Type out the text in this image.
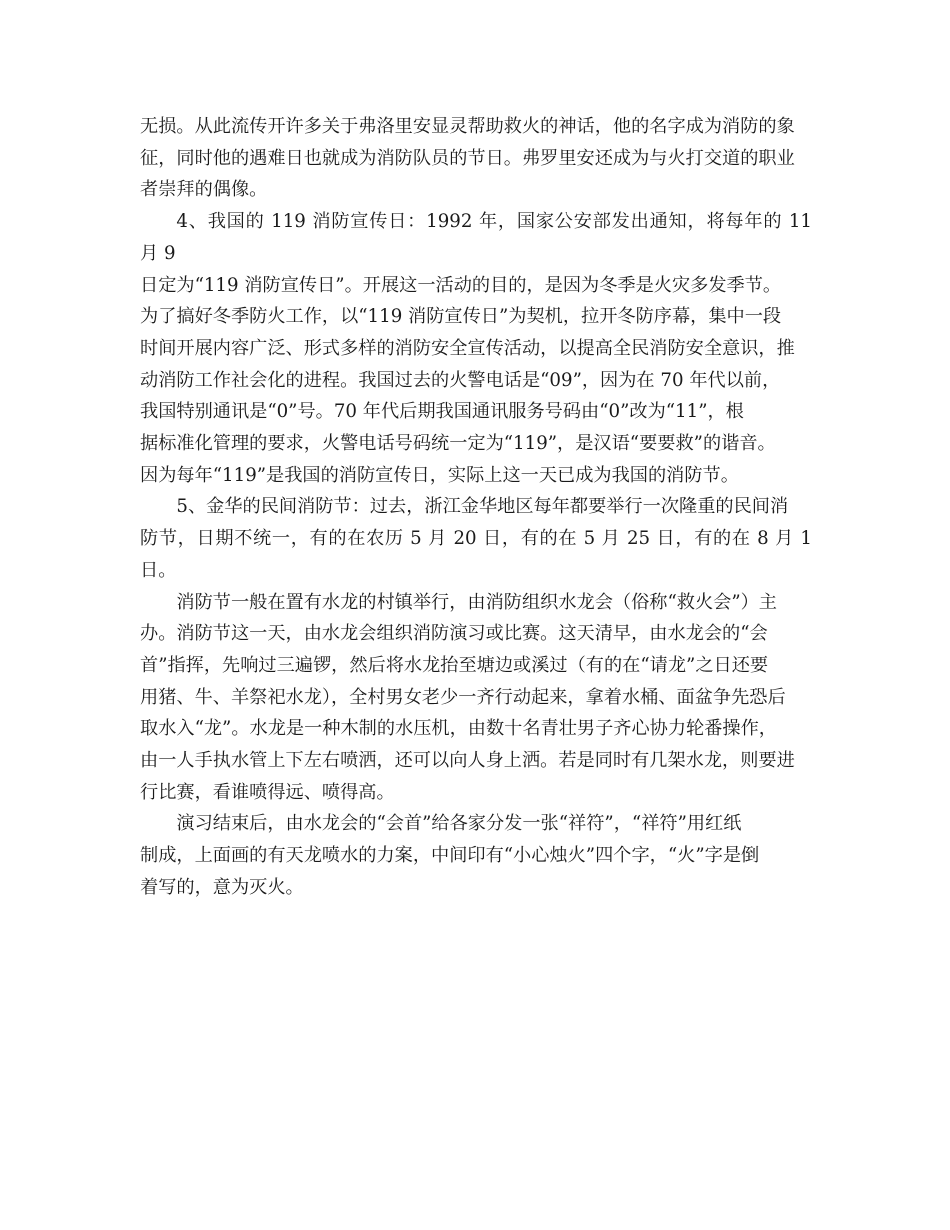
无损。从此流传开许多关于弗洛里安显灵帮助救火的神话，他的名字成为消防的象
征，同时他的遇难日也就成为消防队员的节日。弗罗里安还成为与火打交道的职业
者崇拜的偶像。

4、我国的 119 消防宣传日：1992 年，国家公安部发出通知，将每年的 11 月 9
日定为“119 消防宣传日”。开展这一活动的目的，是因为冬季是火灾多发季节。
为了搞好冬季防火工作，以“119 消防宣传日”为契机，拉开冬防序幕，集中一段
时间开展内容广泛、形式多样的消防安全宣传活动，以提高全民消防安全意识，推
动消防工作社会化的进程。我国过去的火警电话是“09”，因为在 70 年代以前，
我国特别通讯是“0”号。70 年代后期我国通讯服务号码由“0”改为“11”，根
据标准化管理的要求，火警电话号码统一定为“119”，是汉语“要要救”的谐音。
因为每年“119”是我国的消防宣传日，实际上这一天已成为我国的消防节。

5、金华的民间消防节：过去，浙江金华地区每年都要举行一次隆重的民间消
防节，日期不统一，有的在农历 5 月 20 日，有的在 5 月 25 日，有的在 8 月 1 日。

消防节一般在置有水龙的村镇举行，由消防组织水龙会（俗称“救火会”）主
办。消防节这一天，由水龙会组织消防演习或比赛。这天清早，由水龙会的“会
首”指挥，先响过三遍锣，然后将水龙抬至塘边或溪过（有的在“请龙”之日还要
用猪、牛、羊祭祀水龙），全村男女老少一齐行动起来，拿着水桶、面盆争先恐后
取水入“龙”。水龙是一种木制的水压机，由数十名青壮男子齐心协力轮番操作，
由一人手执水管上下左右喷洒，还可以向人身上洒。若是同时有几架水龙，则要进
行比赛，看谁喷得远、喷得高。

演习结束后，由水龙会的“会首”给各家分发一张“祥符”，“祥符”用红纸
制成，上面画的有天龙喷水的力案，中间印有“小心烛火”四个字，“火”字是倒
着写的，意为灭火。
